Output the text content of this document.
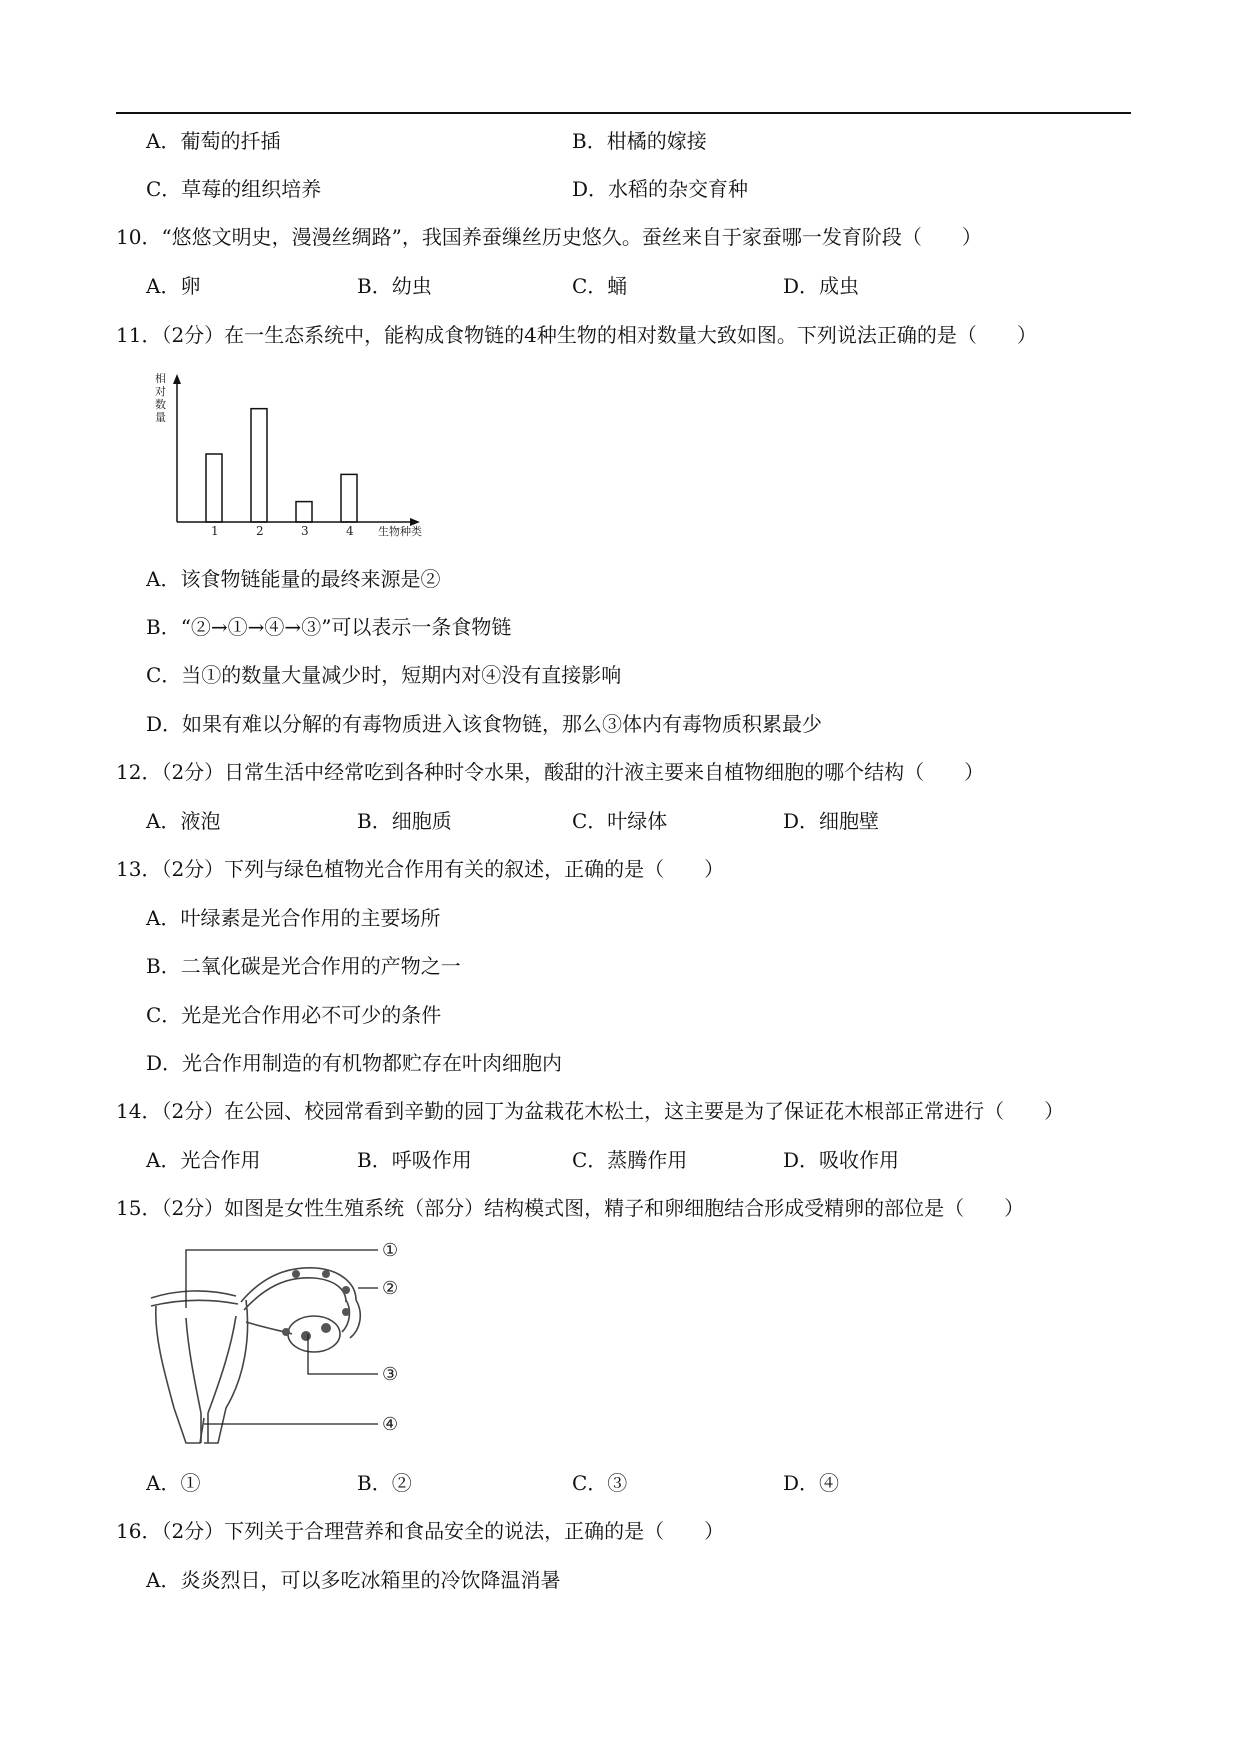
A．葡萄的扦插	B．柑橘的嫁接
C．草莓的组织培养	D．水稻的杂交育种
10．“悠悠文明史，漫漫丝绸路”，我国养蚕缫丝历史悠久。蚕丝来自于家蚕哪一发育阶段（　　）
A．卵	B．幼虫	C．蛹	D．成虫
11．（2分）在一生态系统中，能构成食物链的4种生物的相对数量大致如图。下列说法正确的是（　　）
相对数量
1	2	3	4 生物种类
A．该食物链能量的最终来源是②
B．“②→①→④→③”可以表示一条食物链
C．当①的数量大量减少时，短期内对④没有直接影响
D．如果有难以分解的有毒物质进入该食物链，那么③体内有毒物质积累最少
12．（2分）日常生活中经常吃到各种时令水果，酸甜的汁液主要来自植物细胞的哪个结构（　　）
A．液泡	B．细胞质	C．叶绿体	D．细胞壁
13．（2分）下列与绿色植物光合作用有关的叙述，正确的是（　　）
A．叶绿素是光合作用的主要场所
B．二氧化碳是光合作用的产物之一
C．光是光合作用必不可少的条件
D．光合作用制造的有机物都贮存在叶肉细胞内
14．（2分）在公园、校园常看到辛勤的园丁为盆栽花木松土，这主要是为了保证花木根部正常进行（　　）
A．光合作用	B．呼吸作用	C．蒸腾作用	D．吸收作用
15．（2分）如图是女性生殖系统（部分）结构模式图，精子和卵细胞结合形成受精卵的部位是（　　）
①
②
③
④
A．①	B．②	C．③	D．④
16．（2分）下列关于合理营养和食品安全的说法，正确的是（　　）
A．炎炎烈日，可以多吃冰箱里的冷饮降温消暑
